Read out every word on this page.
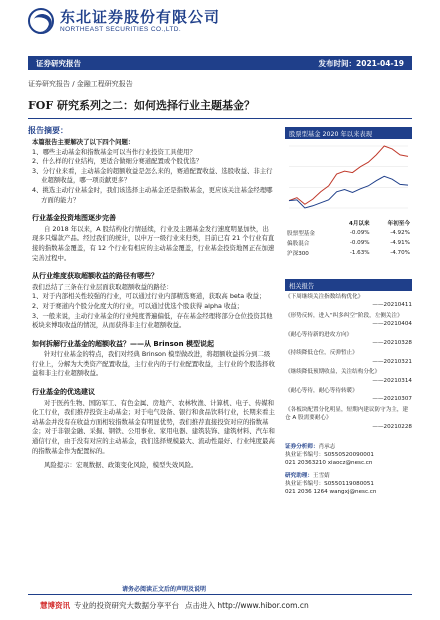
东北证券股份有限公司
NORTHEAST SECURITIES CO.,LTD.
证券研究报告	发布时间：2021-04-19
证券研究报告 / 金融工程研究报告
FOF 研究系列之二：如何选择行业主题基金？
报告摘要：
本篇报告主要解决了以下四个问题：
1、哪些主动基金和指数基金可以当作行业投资工具使用？
2、什么样的行业结构，更适合做细分赛道配置或个股优选？
3、分行业来看，主动基金的超额收益是怎么来的，赛道配置收益、选股收益、非主行业超额收益，哪一项贡献更多？
4、挑选主动行业基金时，我们该选择主动基金还是指数基金，更应该关注基金经理哪方面的能力？
行业基金投资地图逐步完善

自 2018 年以来，A 股结构化行情延续，行业及主题基金发行速度明显加快，出现多只爆款产品。经过我们的统计，以申万一级行业来归类，目前已有 21 个行业有直接的指数基金覆盖，有 12 个行业有相应的主动基金覆盖，行业基金投资地图正在加速完善过程中。

从行业维度获取超额收益的路径有哪些？
我们总结了三条在行业层面获取超额收益的路径：
1、对于内部相关性较强的行业，可以通过行业内部精选赛道，获取高 beta 收益；
2、对于赛道内个股分化度大的行业，可以通过优选个股获得 alpha 收益；
3、一般来说，主动行业基金的行业纯度普遍偏低，存在基金经理将部分仓位投资其他板块来博取收益的情况，从而获得非主行业超额收益。
如何拆解行业基金的超额收益？——从 Brinson 模型说起

针对行业基金的特点，我们对经典 Brinson 模型做改进，将超额收益拆分到二级行业上，分解为大类资产配置收益，主行业内的子行业配置收益，主行业的个股选择收益和非主行业超额收益。

行业基金的优选建议

对于医药生物、国防军工、有色金属、房地产、农林牧渔、计算机、电子、传媒和化工行业，我们推荐投资主动基金；对于电气设备、银行和食品饮料行业，长期来看主动基金并没有在收益方面相较指数基金有明显优势，我们推荐直接投资对应的指数基金；对于非银金融、采掘、钢铁、公用事业、家用电器、建筑装饰、建筑材料、汽车和通信行业，由于没有对应的主动基金，我们选择规模最大、流动性最好、行业纯度最高的指数基金作为配置标的。

风险提示：宏观数据、政策变化风险，模型失效风险。

股票型基金 2020 年以来表现
	4月以来	年初至今
股票型基金	-0.09%	-4.92%
偏股混合	-0.09%	-4.91%
沪深300	-1.63%	-4.70%
相关报告
《下周继续关注指数结构优化》
——20210411
《形势反转，进入“纠多纠空”阶段，左侧关注》
——20210404
《耐心等待新的进攻方向》
——20210328
《持续降低仓位，反弹暂止》
——20210321
《继续降低预期收益，关注结构分化》
——20210314
《耐心等待，耐心等待转暖》
——20210307
《各板块配置分化明显，短期内建议防守为主，建仓 A 股需要耐心》
——20210228
证券分析师：肖承志
执业证书编号：S0550520090001
021 20363210 xiaocz@nesc.cn
研究助理：王雪婧
执业证书编号：S0550119080051
021 2036 1264 wangxj@nesc.cn
请务必阅读正文后的声明及说明
慧博资讯 专业的投资研究大数据分享平台 点击进入 http://www.hibor.com.cn
